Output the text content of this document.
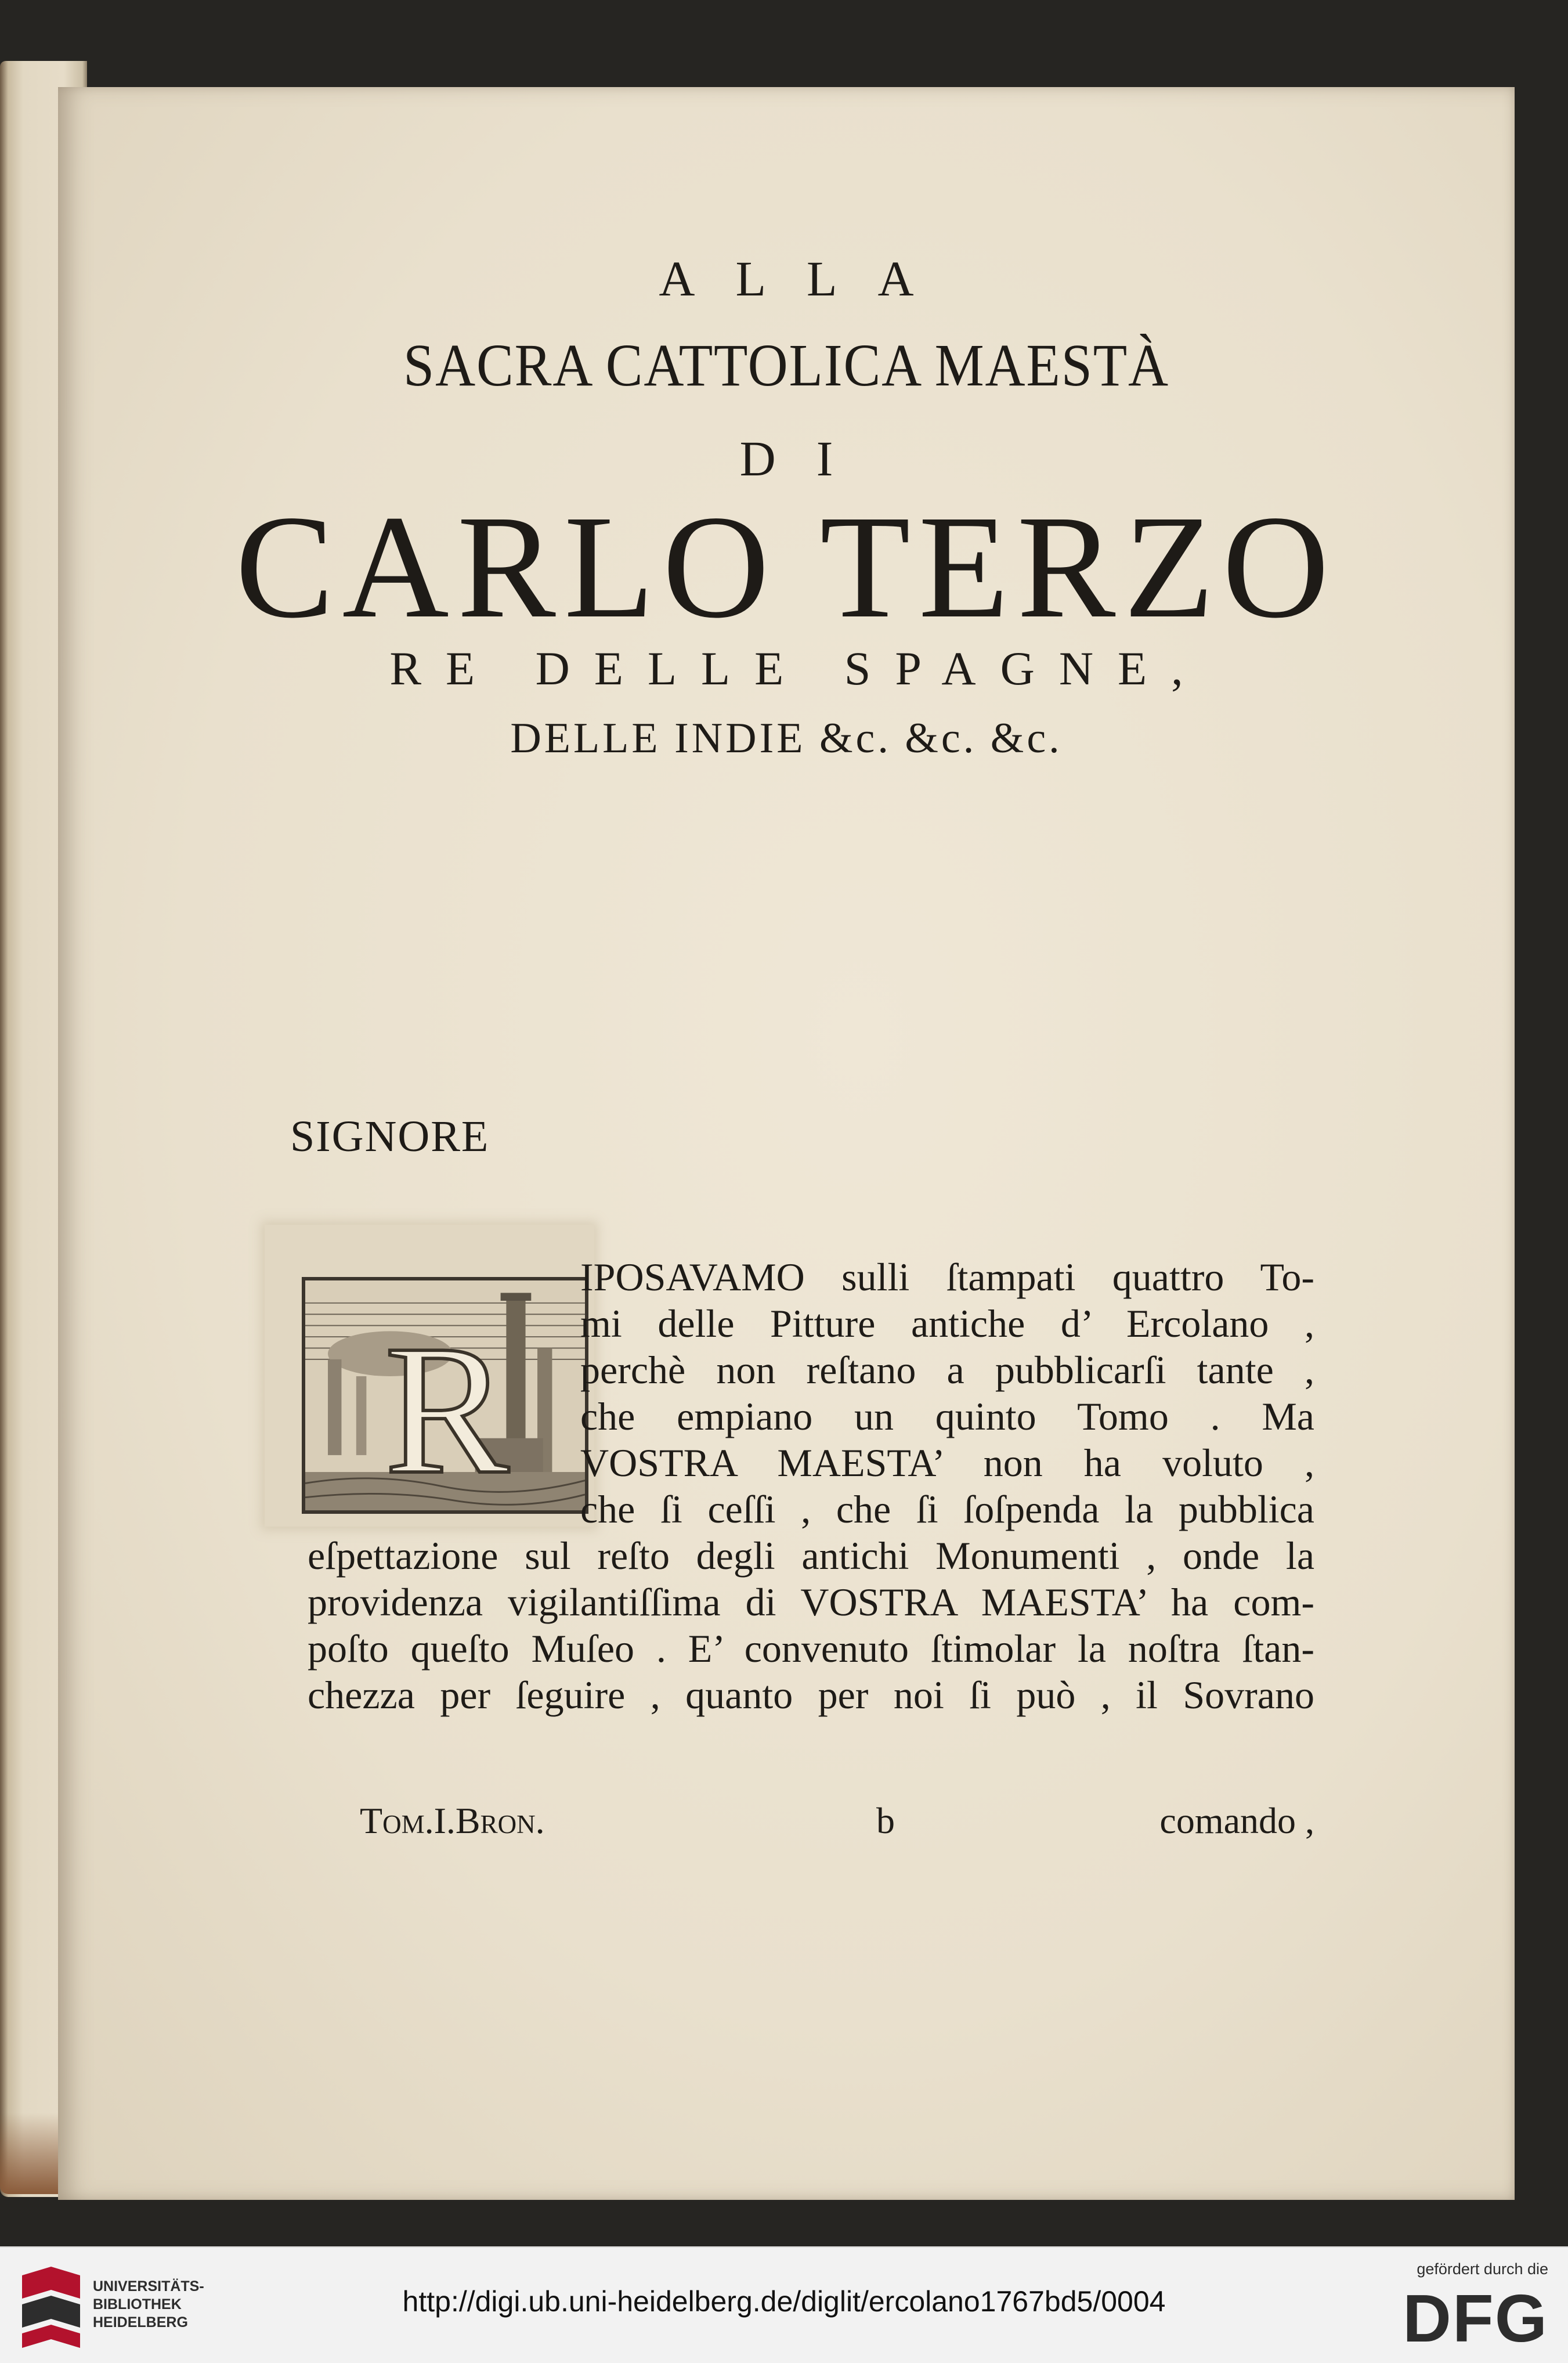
ALLA
SACRA CATTOLICA MAESTÀ
DI
CARLO TERZO
RE DELLE SPAGNE,
DELLE INDIE &c. &c. &c.
SIGNORE
R
IPOSAVAMO sulli ſtampati quattro To-
mi delle Pitture antiche d’ Ercolano ,
perchè non reſtano a pubblicarſi tante ,
che empiano un quinto Tomo . Ma
VOSTRA MAESTA’ non ha voluto ,
che ſi ceſſi , che ſi ſoſpenda la pubblica
eſpettazione sul reſto degli antichi Monumenti , onde la
providenza vigilantiſſima di VOSTRA MAESTA’ ha com-
poſto queſto Muſeo . E’ convenuto ſtimolar la noſtra ſtan-
chezza per ſeguire , quanto per noi ſi può , il Sovrano
Tom.I.Bron.	b	comando ,
UNIVERSITÄTS-
BIBLIOTHEK
HEIDELBERG
http://digi.ub.uni-heidelberg.de/diglit/ercolano1767bd5/0004
gefördert durch die
DFG
